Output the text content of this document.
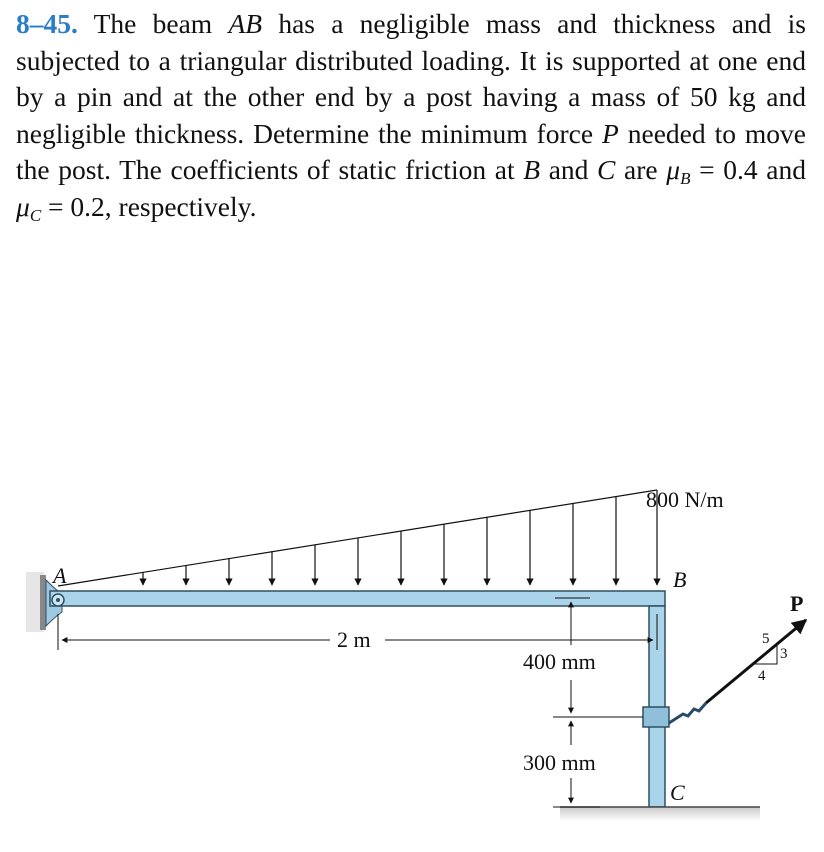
8–45. The beam AB has a negligible mass and thickness and is subjected to a triangular distributed loading. It is supported at one end by a pin and at the other end by a post having a mass of 50 kg and negligible thickness. Determine the minimum force P needed to move the post. The coefficients of static friction at B and C are $\mu_B = 0.4$ and $\mu_C = 0.2$, respectively.
800 N/m
A	B
C
P
2 m
400 mm
300 mm
5
3
4
